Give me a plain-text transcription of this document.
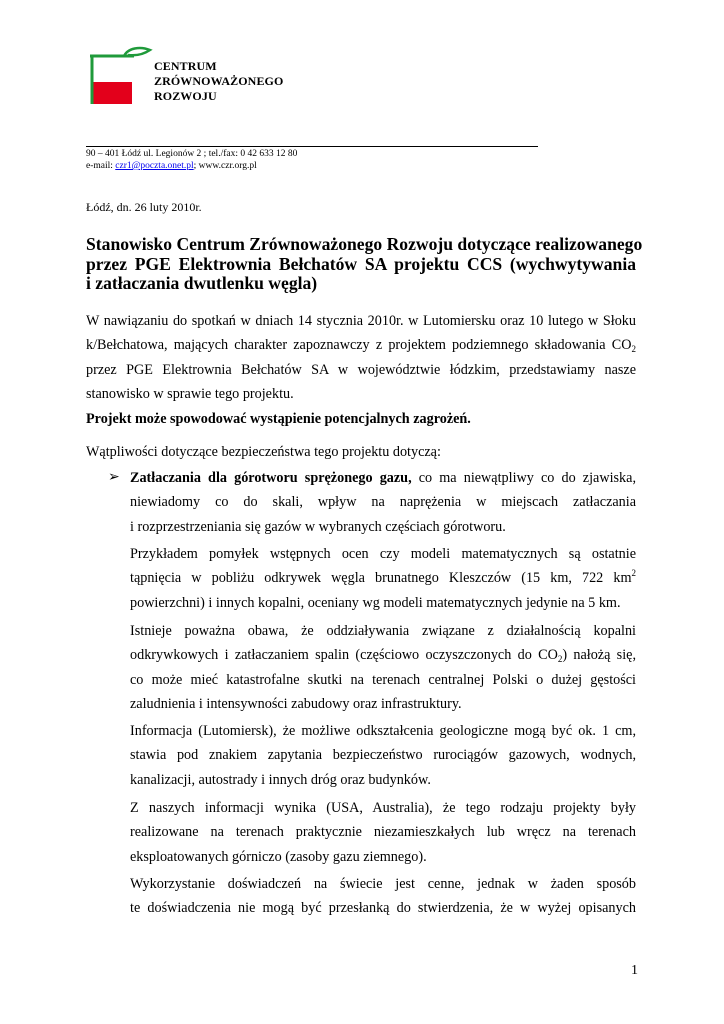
CENTRUM
ZRÓWNOWAŻONEGO
ROZWOJU
90 – 401 Łódź ul. Legionów 2 ; tel./fax: 0 42 633 12 80
e-mail: czr1@poczta.onet.pl; www.czr.org.pl
Łódź, dn. 26 luty 2010r.
Stanowisko Centrum Zrównoważonego Rozwoju dotyczące realizowanego
przez PGE Elektrownia Bełchatów SA projektu CCS (wychwytywania
i zatłaczania dwutlenku węgla)
W nawiązaniu do spotkań w dniach 14 stycznia 2010r. w Lutomiersku oraz 10 lutego w Słoku
k/Bełchatowa, mających charakter zapoznawczy z projektem podziemnego składowania $CO_2$
przez PGE Elektrownia Bełchatów SA w województwie łódzkim, przedstawiamy nasze
stanowisko w sprawie tego projektu.
Projekt może spowodować wystąpienie potencjalnych zagrożeń.
Wątpliwości dotyczące bezpieczeństwa tego projektu dotyczą:
➢ Zatłaczania dla górotworu sprężonego gazu, co ma niewątpliwy co do zjawiska,
niewiadomy co do skali, wpływ na naprężenia w miejscach zatłaczania
i rozprzestrzeniania się gazów w wybranych częściach górotworu.
Przykładem pomyłek wstępnych ocen czy modeli matematycznych są ostatnie
tąpnięcia w pobliżu odkrywek węgla brunatnego Kleszczów (15 km, 722 $km^2$
powierzchni) i innych kopalni, oceniany wg modeli matematycznych jedynie na 5 km.
Istnieje poważna obawa, że oddziaływania związane z działalnością kopalni
odkrywkowych i zatłaczaniem spalin (częściowo oczyszczonych do $CO_2$) nałożą się,
co może mieć katastrofalne skutki na terenach centralnej Polski o dużej gęstości
zaludnienia i intensywności zabudowy oraz infrastruktury.
Informacja (Lutomiersk), że możliwe odkształcenia geologiczne mogą być ok. 1 cm,
stawia pod znakiem zapytania bezpieczeństwo rurociągów gazowych, wodnych,
kanalizacji, autostrady i innych dróg oraz budynków.
Z naszych informacji wynika (USA, Australia), że tego rodzaju projekty były
realizowane na terenach praktycznie niezamieszkałych lub wręcz na terenach
eksploatowanych górniczo (zasoby gazu ziemnego).
Wykorzystanie doświadczeń na świecie jest cenne, jednak w żaden sposób
te doświadczenia nie mogą być przesłanką do stwierdzenia, że w wyżej opisanych
1
